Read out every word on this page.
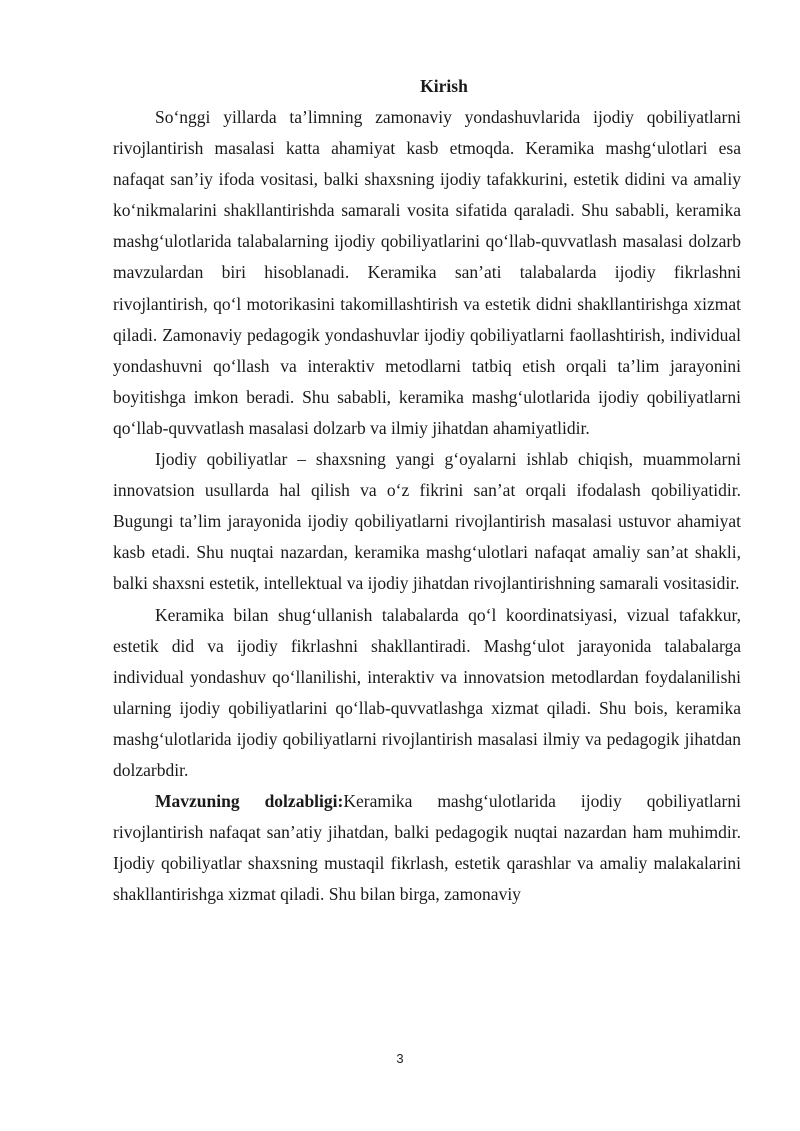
Kirish

So‘nggi yillarda ta’limning zamonaviy yondashuvlarida ijodiy qobiliyatlarni rivojlantirish masalasi katta ahamiyat kasb etmoqda. Keramika mashg‘ulotlari esa nafaqat san’iy ifoda vositasi, balki shaxsning ijodiy tafakkurini, estetik didini va amaliy ko‘nikmalarini shakllantirishda samarali vosita sifatida qaraladi. Shu sababli, keramika mashg‘ulotlarida talabalarning ijodiy qobiliyatlarini qo‘llab-quvvatlash masalasi dolzarb mavzulardan biri hisoblanadi. Keramika san’ati talabalarda ijodiy fikrlashni rivojlantirish, qo‘l motorikasini takomillashtirish va estetik didni shakllantirishga xizmat qiladi. Zamonaviy pedagogik yondashuvlar ijodiy qobiliyatlarni faollashtirish, individual yondashuvni qo‘llash va interaktiv metodlarni tatbiq etish orqali ta’lim jarayonini boyitishga imkon beradi. Shu sababli, keramika mashg‘ulotlarida ijodiy qobiliyatlarni qo‘llab-quvvatlash masalasi dolzarb va ilmiy jihatdan ahamiyatlidir.

Ijodiy qobiliyatlar – shaxsning yangi g‘oyalarni ishlab chiqish, muammolarni innovatsion usullarda hal qilish va o‘z fikrini san’at orqali ifodalash qobiliyatidir. Bugungi ta’lim jarayonida ijodiy qobiliyatlarni rivojlantirish masalasi ustuvor ahamiyat kasb etadi. Shu nuqtai nazardan, keramika mashg‘ulotlari nafaqat amaliy san’at shakli, balki shaxsni estetik, intellektual va ijodiy jihatdan rivojlantirishning samarali vositasidir.

Keramika bilan shug‘ullanish talabalarda qo‘l koordinatsiyasi, vizual tafakkur, estetik did va ijodiy fikrlashni shakllantiradi. Mashg‘ulot jarayonida talabalarga individual yondashuv qo‘llanilishi, interaktiv va innovatsion metodlardan foydalanilishi ularning ijodiy qobiliyatlarini qo‘llab-quvvatlashga xizmat qiladi. Shu bois, keramika mashg‘ulotlarida ijodiy qobiliyatlarni rivojlantirish masalasi ilmiy va pedagogik jihatdan dolzarbdir.

Mavzuning dolzabligi:Keramika mashg‘ulotlarida ijodiy qobiliyatlarni rivojlantirish nafaqat san’atiy jihatdan, balki pedagogik nuqtai nazardan ham muhimdir. Ijodiy qobiliyatlar shaxsning mustaqil fikrlash, estetik qarashlar va amaliy malakalarini shakllantirishga xizmat qiladi. Shu bilan birga, zamonaviy

3
